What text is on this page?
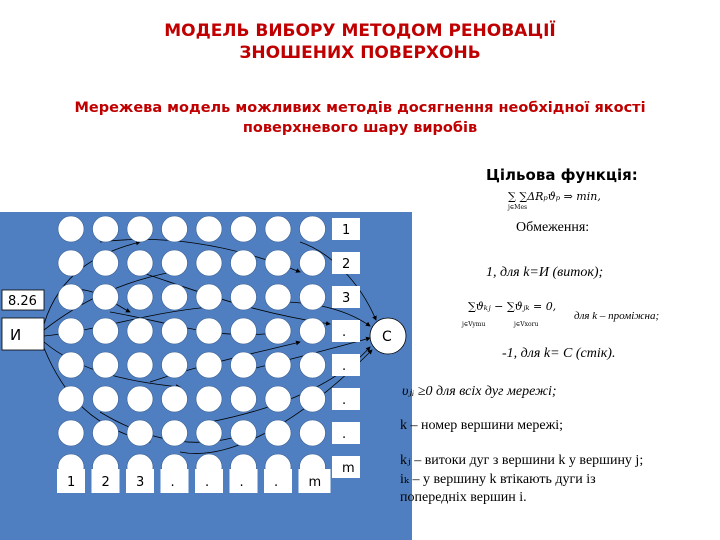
МОДЕЛЬ ВИБОРУ МЕТОДОМ РЕНОВАЦІЇ
ЗНОШЕНИХ ПОВЕРХОНЬ
Мережева модель можливих методів досягнення необхідної якості
поверхневого шару виробів
1
2
3
.
.
.
.
m
1 2 3 . . . . m
8.26
И	С
Цільова функція:
∑ ∑ΔRₚϑₚ ⇒ min,
j∈Mes
Обмеження:
1, для k=И (виток);
∑ϑₖⱼ − ∑ϑⱼₖ = 0,
j∈Vymu	j∈Vxoru
для k – проміжна;
-1, для k= С (стік).
υⱼᵢ ≥0 для всіх дуг мережі;
k – номер вершини мережі;
kⱼ – витоки дуг з вершини k у вершину j;
iₖ – у вершину k втікають дуги із
попередніх вершин i.
